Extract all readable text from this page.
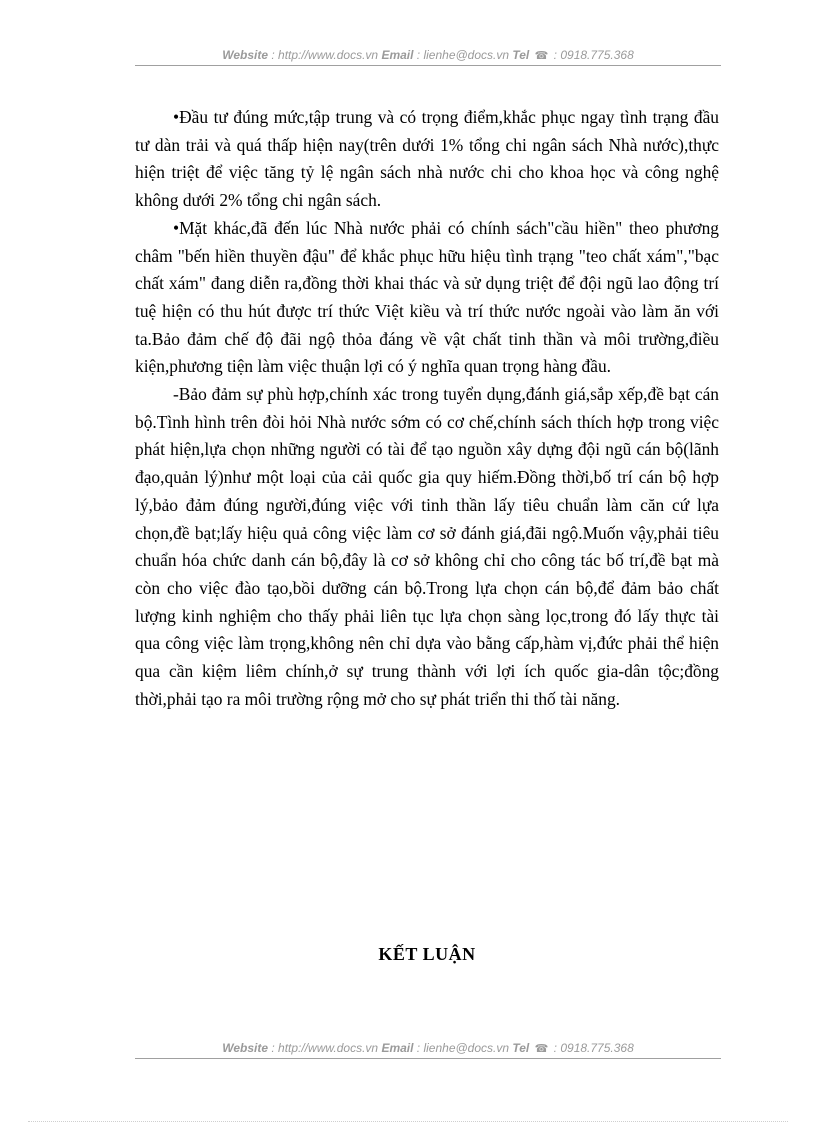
Website : http://www.docs.vn Email : lienhe@docs.vn Tel ☎ : 0918.775.368

•Đầu tư đúng mức,tập trung và có trọng điểm,khắc phục ngay tình trạng đầu tư dàn trải và quá thấp hiện nay(trên dưới 1% tổng chi ngân sách Nhà nước),thực hiện triệt để việc tăng tỷ lệ ngân sách nhà nước chi cho khoa học và công nghệ không dưới 2% tổng chi ngân sách.

•Mặt khác,đã đến lúc Nhà nước phải có chính sách"cầu hiền" theo phương châm "bến hiền thuyền đậu" để khắc phục hữu hiệu tình trạng "teo chất xám","bạc chất xám" đang diễn ra,đồng thời khai thác và sử dụng triệt để đội ngũ lao động trí tuệ hiện có thu hút được trí thức Việt kiều và trí thức nước ngoài vào làm ăn với ta.Bảo đảm chế độ đãi ngộ thỏa đáng về vật chất tinh thần và môi trường,điều kiện,phương tiện làm việc thuận lợi có ý nghĩa quan trọng hàng đầu.

-Bảo đảm sự phù hợp,chính xác trong tuyển dụng,đánh giá,sắp xếp,đề bạt cán bộ.Tình hình trên đòi hỏi Nhà nước sớm có cơ chế,chính sách thích hợp trong việc phát hiện,lựa chọn những người có tài để tạo nguồn xây dựng đội ngũ cán bộ(lãnh đạo,quản lý)như một loại của cải quốc gia quy hiếm.Đồng thời,bố trí cán bộ hợp lý,bảo đảm đúng người,đúng việc với tinh thần lấy tiêu chuẩn làm căn cứ lựa chọn,đề bạt;lấy hiệu quả công việc làm cơ sở đánh giá,đãi ngộ.Muốn vậy,phải tiêu chuẩn hóa chức danh cán bộ,đây là cơ sở không chỉ cho công tác bố trí,đề bạt mà còn cho việc đào tạo,bồi dưỡng cán bộ.Trong lựa chọn cán bộ,để đảm bảo chất lượng kinh nghiệm cho thấy phải liên tục lựa chọn sàng lọc,trong đó lấy thực tài qua công việc làm trọng,không nên chỉ dựa vào bằng cấp,hàm vị,đức phải thể hiện qua cần kiệm liêm chính,ở sự trung thành với lợi ích quốc gia-dân tộc;đồng thời,phải tạo ra môi trường rộng mở cho sự phát triển thi thố tài năng.

KẾT LUẬN
Website : http://www.docs.vn Email : lienhe@docs.vn Tel ☎ : 0918.775.368
